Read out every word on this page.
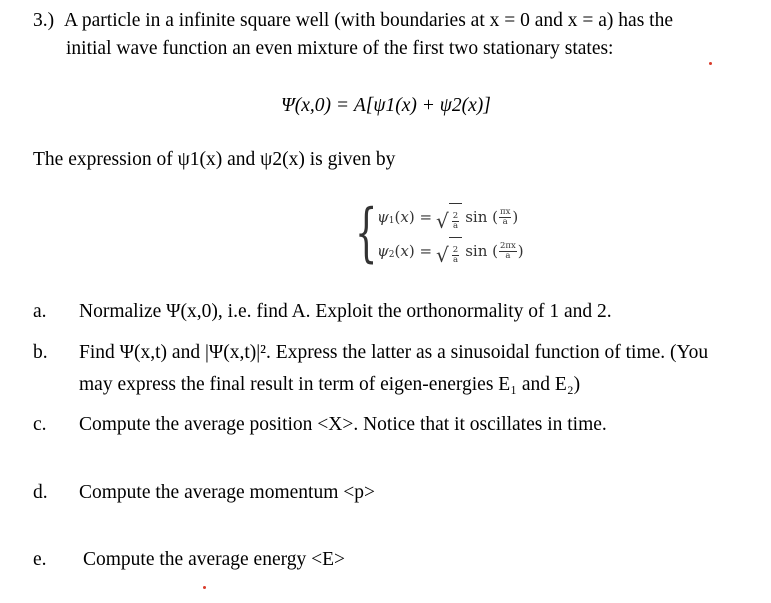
3.) A particle in a infinite square well (with boundaries at x = 0 and x = a) has the
initial wave function an even mixture of the first two stationary states:
Ψ(x,0) = A[ψ1(x) + ψ2(x)]
The expression of ψ1(x) and ψ2(x) is given by
{ ψ 1 ( x ) = √ $\frac{2}{a}$ sin ( $\frac{\pi x}{a}$ )
ψ 2 ( x ) = √ $\frac{2}{a}$ sin ( $\frac{2\pi x}{a}$ )
a. Normalize Ψ(x,0), i.e. find A. Exploit the orthonormality of 1 and 2.
b. Find Ψ(x,t) and |Ψ(x,t)|². Express the latter as a sinusoidal function of time. (You
may express the final result in term of eigen-energies E₁ and E₂)
c. Compute the average position <X>. Notice that it oscillates in time.
d. Compute the average momentum <p>
e. Compute the average energy <E>
